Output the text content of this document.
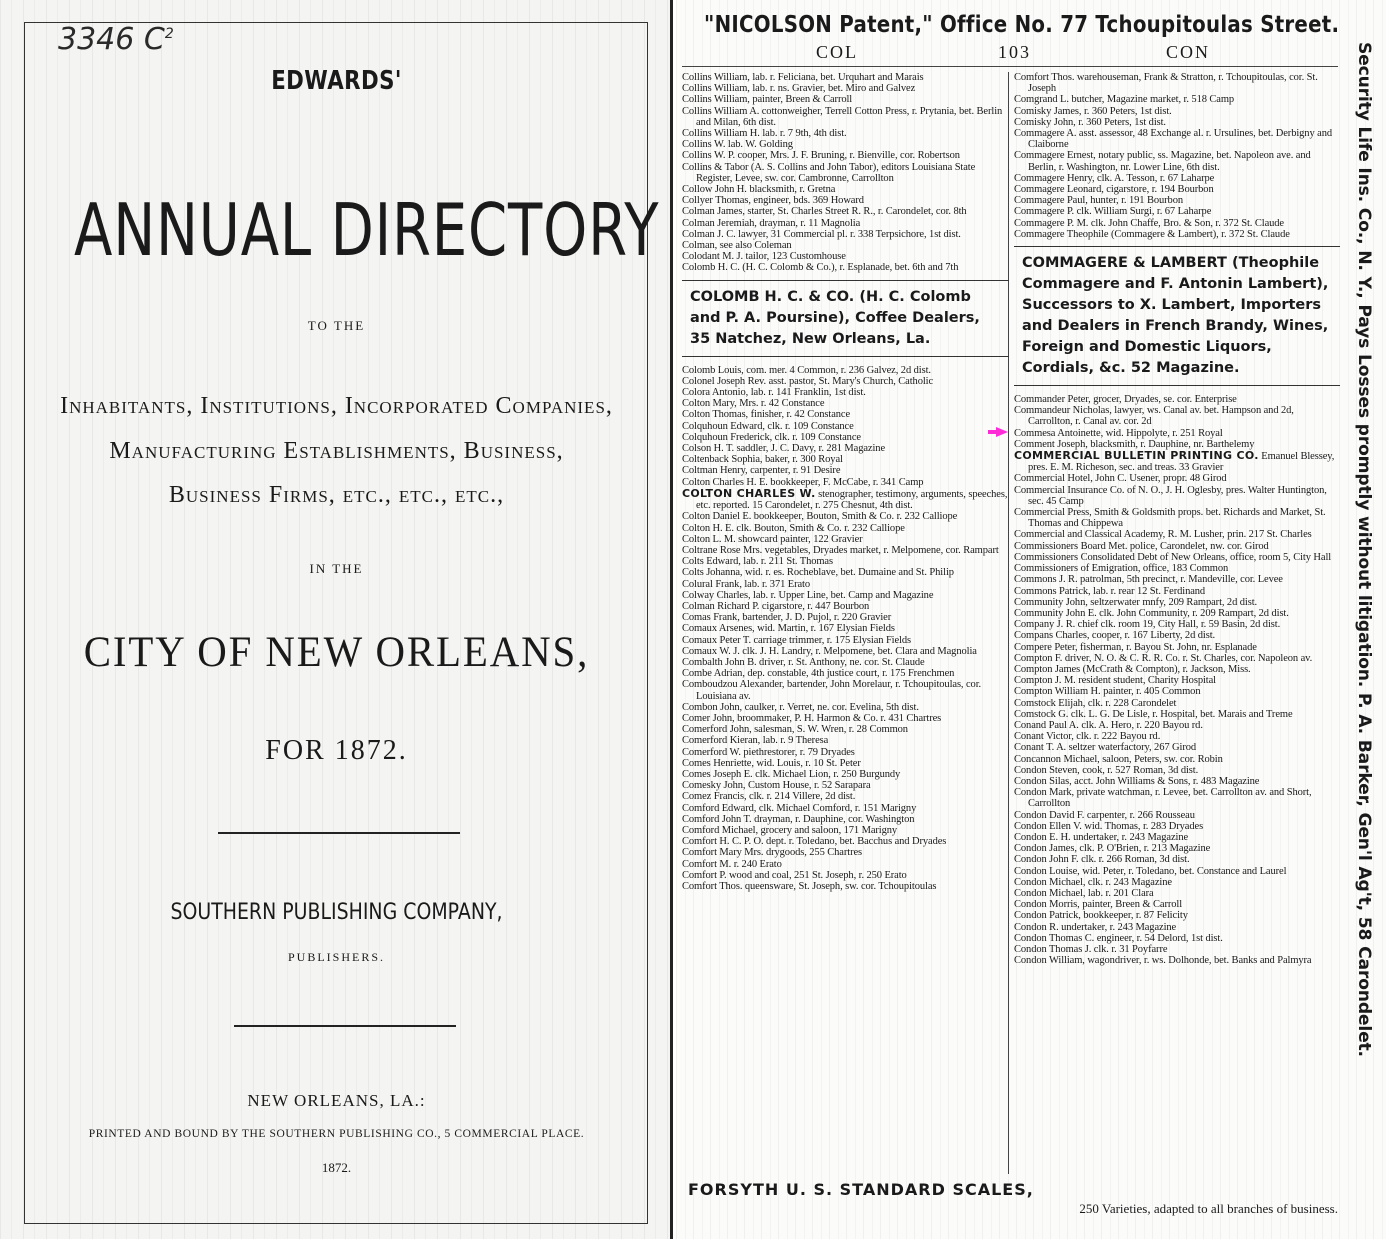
3346 $C^2$
EDWARDS'
ANNUAL DIRECTORY
TO THE
Inhabitants, Institutions, Incorporated Companies,
Manufacturing Establishments, Business,
Business Firms, etc., etc., etc.,
IN THE
CITY OF NEW ORLEANS,
FOR 1872.
SOUTHERN PUBLISHING COMPANY,
PUBLISHERS.
NEW ORLEANS, LA.:
PRINTED AND BOUND BY THE SOUTHERN PUBLISHING CO., 5 COMMERCIAL PLACE.
1872.
"NICOLSON Patent," Office No. 77 Tchoupitoulas Street.
COL	103	CON
Collins William, lab. r. Feliciana, bet. Urquhart and Marais
Collins William, lab. r. ns. Gravier, bet. Miro and Galvez
Collins William, painter, Breen & Carroll
Collins William A. cottonweigher, Terrell Cotton Press, r. Prytania, bet. Berlin and Milan, 6th dist.
Collins William H. lab. r. 7 9th, 4th dist.
Collins W. lab. W. Golding
Collins W. P. cooper, Mrs. J. F. Bruning, r. Bienville, cor. Robertson
Collins & Tabor (A. S. Collins and John Tabor), editors Louisiana State Register, Levee, sw. cor. Cambronne, Carrollton
Collow John H. blacksmith, r. Gretna
Collyer Thomas, engineer, bds. 369 Howard
Colman James, starter, St. Charles Street R. R., r. Carondelet, cor. 8th
Colman Jeremiah, drayman, r. 11 Magnolia
Colman J. C. lawyer, 31 Commercial pl. r. 338 Terpsichore, 1st dist.
Colman, see also Coleman
Colodant M. J. tailor, 123 Customhouse
Colomb H. C. (H. C. Colomb & Co.), r. Esplanade, bet. 6th and 7th
COLOMB H. C. & CO. (H. C. Colomb and P. A. Poursine), Coffee Dealers, 35 Natchez, New Orleans, La.
Colomb Louis, com. mer. 4 Common, r. 236 Galvez, 2d dist.
Colonel Joseph Rev. asst. pastor, St. Mary's Church, Catholic
Colora Antonio, lab. r. 141 Franklin, 1st dist.
Colton Mary, Mrs. r. 42 Constance
Colton Thomas, finisher, r. 42 Constance
Colquhoun Edward, clk. r. 109 Constance
Colquhoun Frederick, clk. r. 109 Constance
Colson H. T. saddler, J. C. Davy, r. 281 Magazine
Coltenback Sophia, baker, r. 300 Royal
Coltman Henry, carpenter, r. 91 Desire
Colton Charles H. E. bookkeeper, F. McCabe, r. 341 Camp
COLTON CHARLES W. stenographer, testimony, arguments, speeches, etc. reported. 15 Carondelet, r. 275 Chesnut, 4th dist.
Colton Daniel E. bookkeeper, Bouton, Smith & Co. r. 232 Calliope
Colton H. E. clk. Bouton, Smith & Co. r. 232 Calliope
Colton L. M. showcard painter, 122 Gravier
Coltrane Rose Mrs. vegetables, Dryades market, r. Melpomene, cor. Rampart
Colts Edward, lab. r. 211 St. Thomas
Colts Johanna, wid. r. es. Rocheblave, bet. Dumaine and St. Philip
Colural Frank, lab. r. 371 Erato
Colway Charles, lab. r. Upper Line, bet. Camp and Magazine
Colman Richard P. cigarstore, r. 447 Bourbon
Comas Frank, bartender, J. D. Pujol, r. 220 Gravier
Comaux Arsenes, wid. Martin, r. 167 Elysian Fields
Comaux Peter T. carriage trimmer, r. 175 Elysian Fields
Comaux W. J. clk. J. H. Landry, r. Melpomene, bet. Clara and Magnolia
Combalth John B. driver, r. St. Anthony, ne. cor. St. Claude
Combe Adrian, dep. constable, 4th justice court, r. 175 Frenchmen
Comboudzou Alexander, bartender, John Morelaur, r. Tchoupitoulas, cor. Louisiana av.
Combon John, caulker, r. Verret, ne. cor. Evelina, 5th dist.
Comer John, broommaker, P. H. Harmon & Co. r. 431 Chartres
Comerford John, salesman, S. W. Wren, r. 28 Common
Comerford Kieran, lab. r. 9 Theresa
Comerford W. piethrestorer, r. 79 Dryades
Comes Henriette, wid. Louis, r. 10 St. Peter
Comes Joseph E. clk. Michael Lion, r. 250 Burgundy
Comesky John, Custom House, r. 52 Sarapara
Comez Francis, clk. r. 214 Villere, 2d dist.
Comford Edward, clk. Michael Comford, r. 151 Marigny
Comford John T. drayman, r. Dauphine, cor. Washington
Comford Michael, grocery and saloon, 171 Marigny
Comfort H. C. P. O. dept. r. Toledano, bet. Bacchus and Dryades
Comfort Mary Mrs. drygoods, 255 Chartres
Comfort M. r. 240 Erato
Comfort P. wood and coal, 251 St. Joseph, r. 250 Erato
Comfort Thos. queensware, St. Joseph, sw. cor. Tchoupitoulas
Comfort Thos. warehouseman, Frank & Stratton, r. Tchoupitoulas, cor. St. Joseph
Comgrand L. butcher, Magazine market, r. 518 Camp
Comisky James, r. 360 Peters, 1st dist.
Comisky John, r. 360 Peters, 1st dist.
Commagere A. asst. assessor, 48 Exchange al. r. Ursulines, bet. Derbigny and Claiborne
Commagere Ernest, notary public, ss. Magazine, bet. Napoleon ave. and Berlin, r. Washington, nr. Lower Line, 6th dist.
Commagere Henry, clk. A. Tesson, r. 67 Laharpe
Commagere Leonard, cigarstore, r. 194 Bourbon
Commagere Paul, hunter, r. 191 Bourbon
Commagere P. clk. William Surgi, r. 67 Laharpe
Commagere P. M. clk. John Chaffe, Bro. & Son, r. 372 St. Claude
Commagere Theophile (Commagere & Lambert), r. 372 St. Claude
COMMAGERE & LAMBERT (Theophile Commagere and F. Antonin Lambert), Successors to X. Lambert, Importers and Dealers in French Brandy, Wines, Foreign and Domestic Liquors, Cordials, &c. 52 Magazine.
Commander Peter, grocer, Dryades, se. cor. Enterprise
Commandeur Nicholas, lawyer, ws. Canal av. bet. Hampson and 2d, Carrollton, r. Canal av. cor. 2d
Commesa Antoinette, wid. Hippolyte, r. 251 Royal
Comment Joseph, blacksmith, r. Dauphine, nr. Barthelemy
COMMERCIAL BULLETIN PRINTING CO. Emanuel Blessey, pres. E. M. Richeson, sec. and treas. 33 Gravier
Commercial Hotel, John C. Usener, propr. 48 Girod
Commercial Insurance Co. of N. O., J. H. Oglesby, pres. Walter Huntington, sec. 45 Camp
Commercial Press, Smith & Goldsmith props. bet. Richards and Market, St. Thomas and Chippewa
Commercial and Classical Academy, R. M. Lusher, prin. 217 St. Charles
Commissioners Board Met. police, Carondelet, nw. cor. Girod
Commissioners Consolidated Debt of New Orleans, office, room 5, City Hall
Commissioners of Emigration, office, 183 Common
Commons J. R. patrolman, 5th precinct, r. Mandeville, cor. Levee
Commons Patrick, lab. r. rear 12 St. Ferdinand
Community John, seltzerwater mnfy, 209 Rampart, 2d dist.
Community John E. clk. John Community, r. 209 Rampart, 2d dist.
Company J. R. chief clk. room 19, City Hall, r. 59 Basin, 2d dist.
Compans Charles, cooper, r. 167 Liberty, 2d dist.
Compere Peter, fisherman, r. Bayou St. John, nr. Esplanade
Compton F. driver, N. O. & C. R. R. Co. r. St. Charles, cor. Napoleon av.
Compton James (McCrath & Compton), r. Jackson, Miss.
Compton J. M. resident student, Charity Hospital
Compton William H. painter, r. 405 Common
Comstock Elijah, clk. r. 228 Carondelet
Comstock G. clk. L. G. De Lisle, r. Hospital, bet. Marais and Treme
Conand Paul A. clk. A. Hero, r. 220 Bayou rd.
Conant Victor, clk. r. 222 Bayou rd.
Conant T. A. seltzer waterfactory, 267 Girod
Concannon Michael, saloon, Peters, sw. cor. Robin
Condon Steven, cook, r. 527 Roman, 3d dist.
Condon Silas, acct. John Williams & Sons, r. 483 Magazine
Condon Mark, private watchman, r. Levee, bet. Carrollton av. and Short, Carrollton
Condon David F. carpenter, r. 266 Rousseau
Condon Ellen V. wid. Thomas, r. 283 Dryades
Condon E. H. undertaker, r. 243 Magazine
Condon James, clk. P. O'Brien, r. 213 Magazine
Condon John F. clk. r. 266 Roman, 3d dist.
Condon Louise, wid. Peter, r. Toledano, bet. Constance and Laurel
Condon Michael, clk. r. 243 Magazine
Condon Michael, lab. r. 201 Clara
Condon Morris, painter, Breen & Carroll
Condon Patrick, bookkeeper, r. 87 Felicity
Condon R. undertaker, r. 243 Magazine
Condon Thomas C. engineer, r. 54 Delord, 1st dist.
Condon Thomas J. clk. r. 31 Poyfarre
Condon William, wagondriver, r. ws. Dolhonde, bet. Banks and Palmyra	Security Life Ins. Co., N. Y., Pays Losses promptly without litigation. P. A. Barker, Gen'l Ag't, 58 Carondelet.
FORSYTH U. S. STANDARD SCALES,
250 Varieties, adapted to all branches of business.
